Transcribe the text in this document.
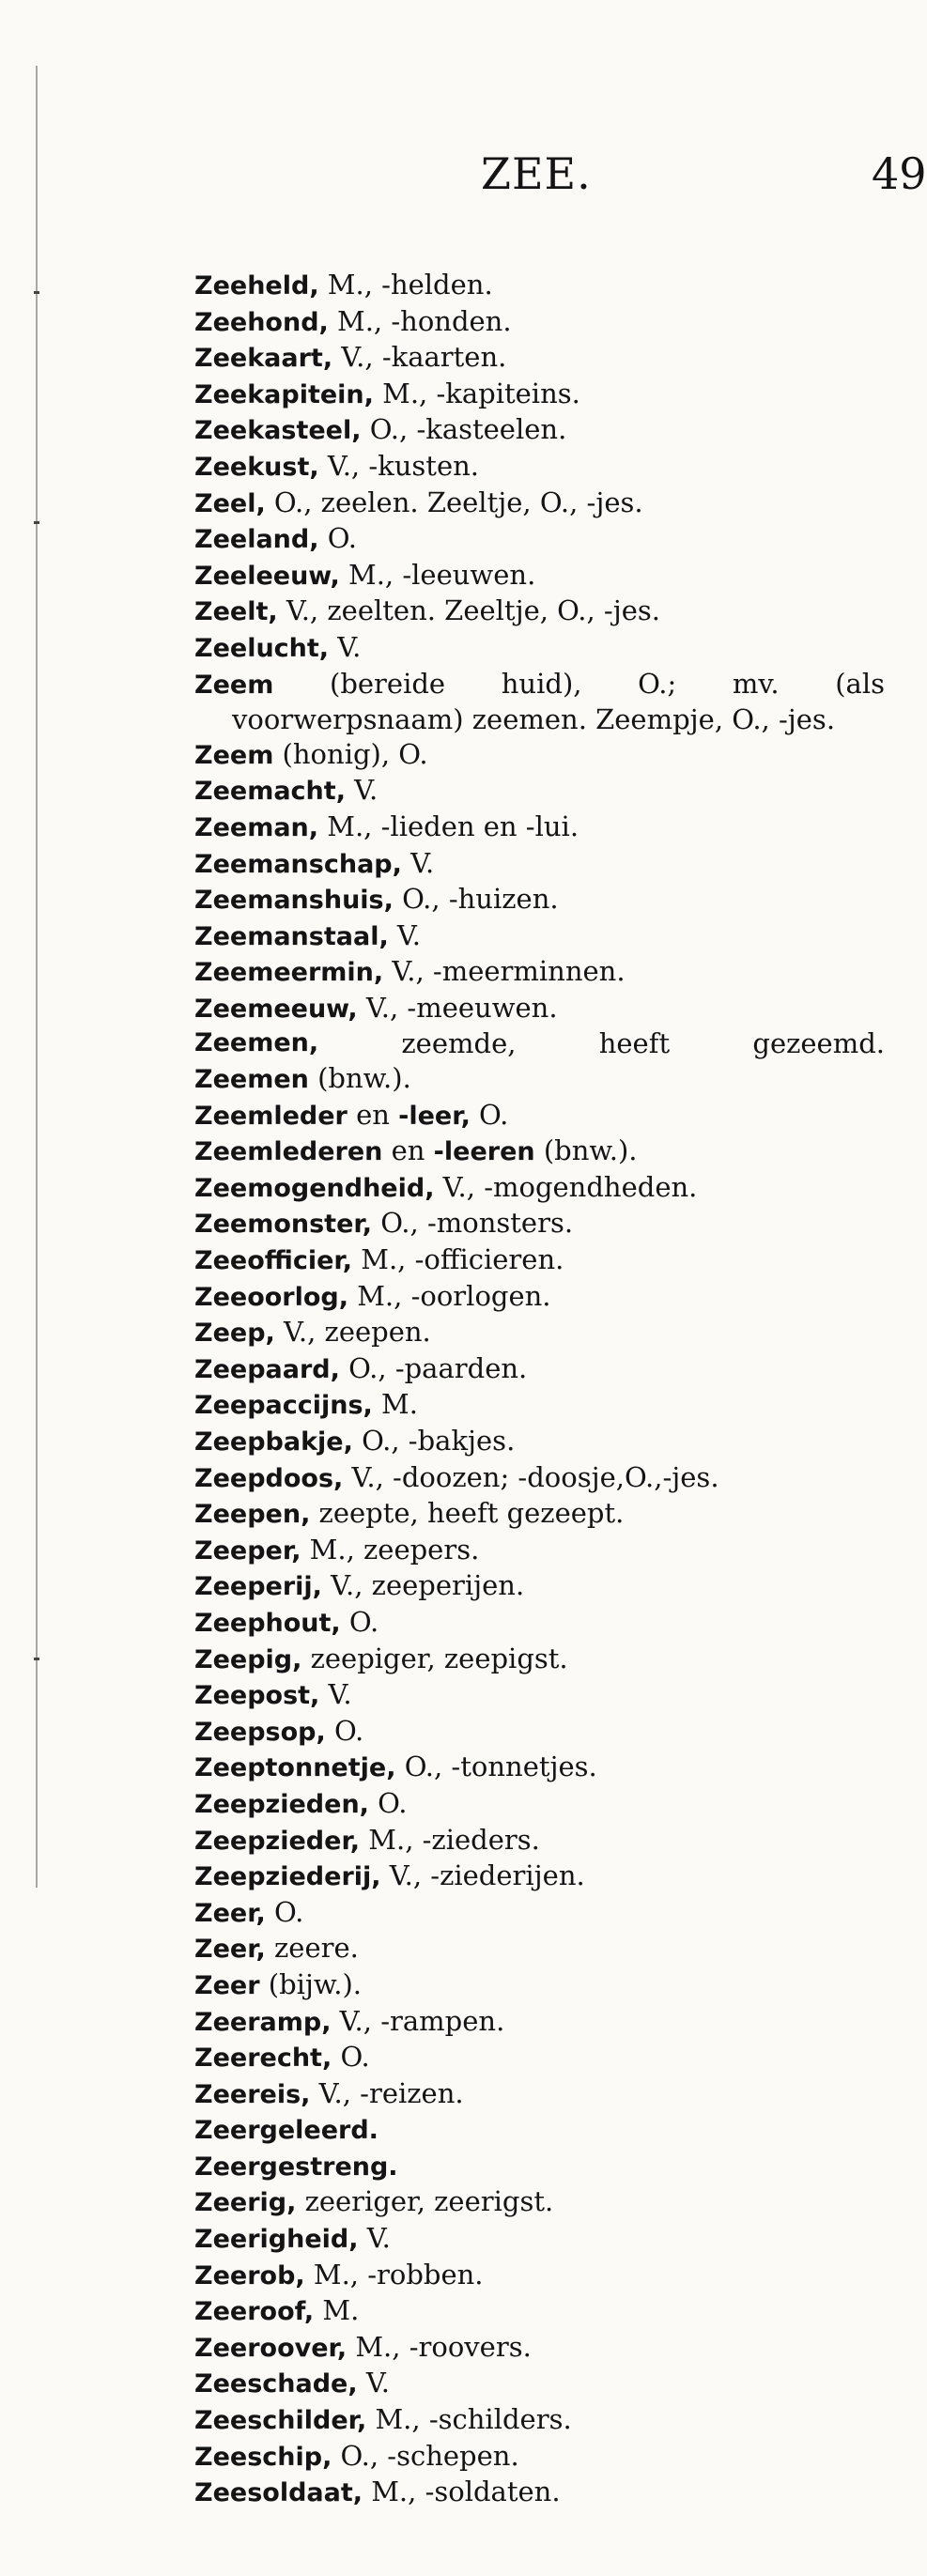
ZEE.	49
Zeeheld, M., -helden.
Zeehond, M., -honden.
Zeekaart, V., -kaarten.
Zeekapitein, M., -kapiteins.
Zeekasteel, O., -kasteelen.
Zeekust, V., -kusten.
Zeel, O., zeelen. Zeeltje, O., -jes.
Zeeland, O.
Zeeleeuw, M., -leeuwen.
Zeelt, V., zeelten. Zeeltje, O., -jes.
Zeelucht, V.
Zeem (bereide huid), O.; mv. (als voorwerpsnaam) zeemen. Zeempje, O., -jes.
Zeem (honig), O.
Zeemacht, V.
Zeeman, M., -lieden en -lui.
Zeemanschap, V.
Zeemanshuis, O., -huizen.
Zeemanstaal, V.
Zeemeermin, V., -meerminnen.
Zeemeeuw, V., -meeuwen.
Zeemen,	zeemde,	heeft	gezeemd.
Zeemen (bnw.).
Zeemleder en -leer, O.
Zeemlederen en -leeren (bnw.).
Zeemogendheid, V., -mogendheden.
Zeemonster, O., -monsters.
Zeeofficier, M., -officieren.
Zeeoorlog, M., -oorlogen.
Zeep, V., zeepen.
Zeepaard, O., -paarden.
Zeepaccijns, M.
Zeepbakje, O., -bakjes.
Zeepdoos, V., -doozen; -doosje,O.,-jes.
Zeepen, zeepte, heeft gezeept.
Zeeper, M., zeepers.
Zeeperij, V., zeeperijen.
Zeephout, O.
Zeepig, zeepiger, zeepigst.
Zeepost, V.
Zeepsop, O.
Zeeptonnetje, O., -tonnetjes.
Zeepzieden, O.
Zeepzieder, M., -zieders.
Zeepziederij, V., -ziederijen.
Zeer, O.
Zeer, zeere.
Zeer (bijw.).
Zeeramp, V., -rampen.
Zeerecht, O.
Zeereis, V., -reizen.
Zeergeleerd.
Zeergestreng.
Zeerig, zeeriger, zeerigst.
Zeerigheid, V.
Zeerob, M., -robben.
Zeeroof, M.
Zeeroover, M., -roovers.
Zeeschade, V.
Zeeschilder, M., -schilders.
Zeeschip, O., -schepen.
Zeesoldaat, M., -soldaten.
